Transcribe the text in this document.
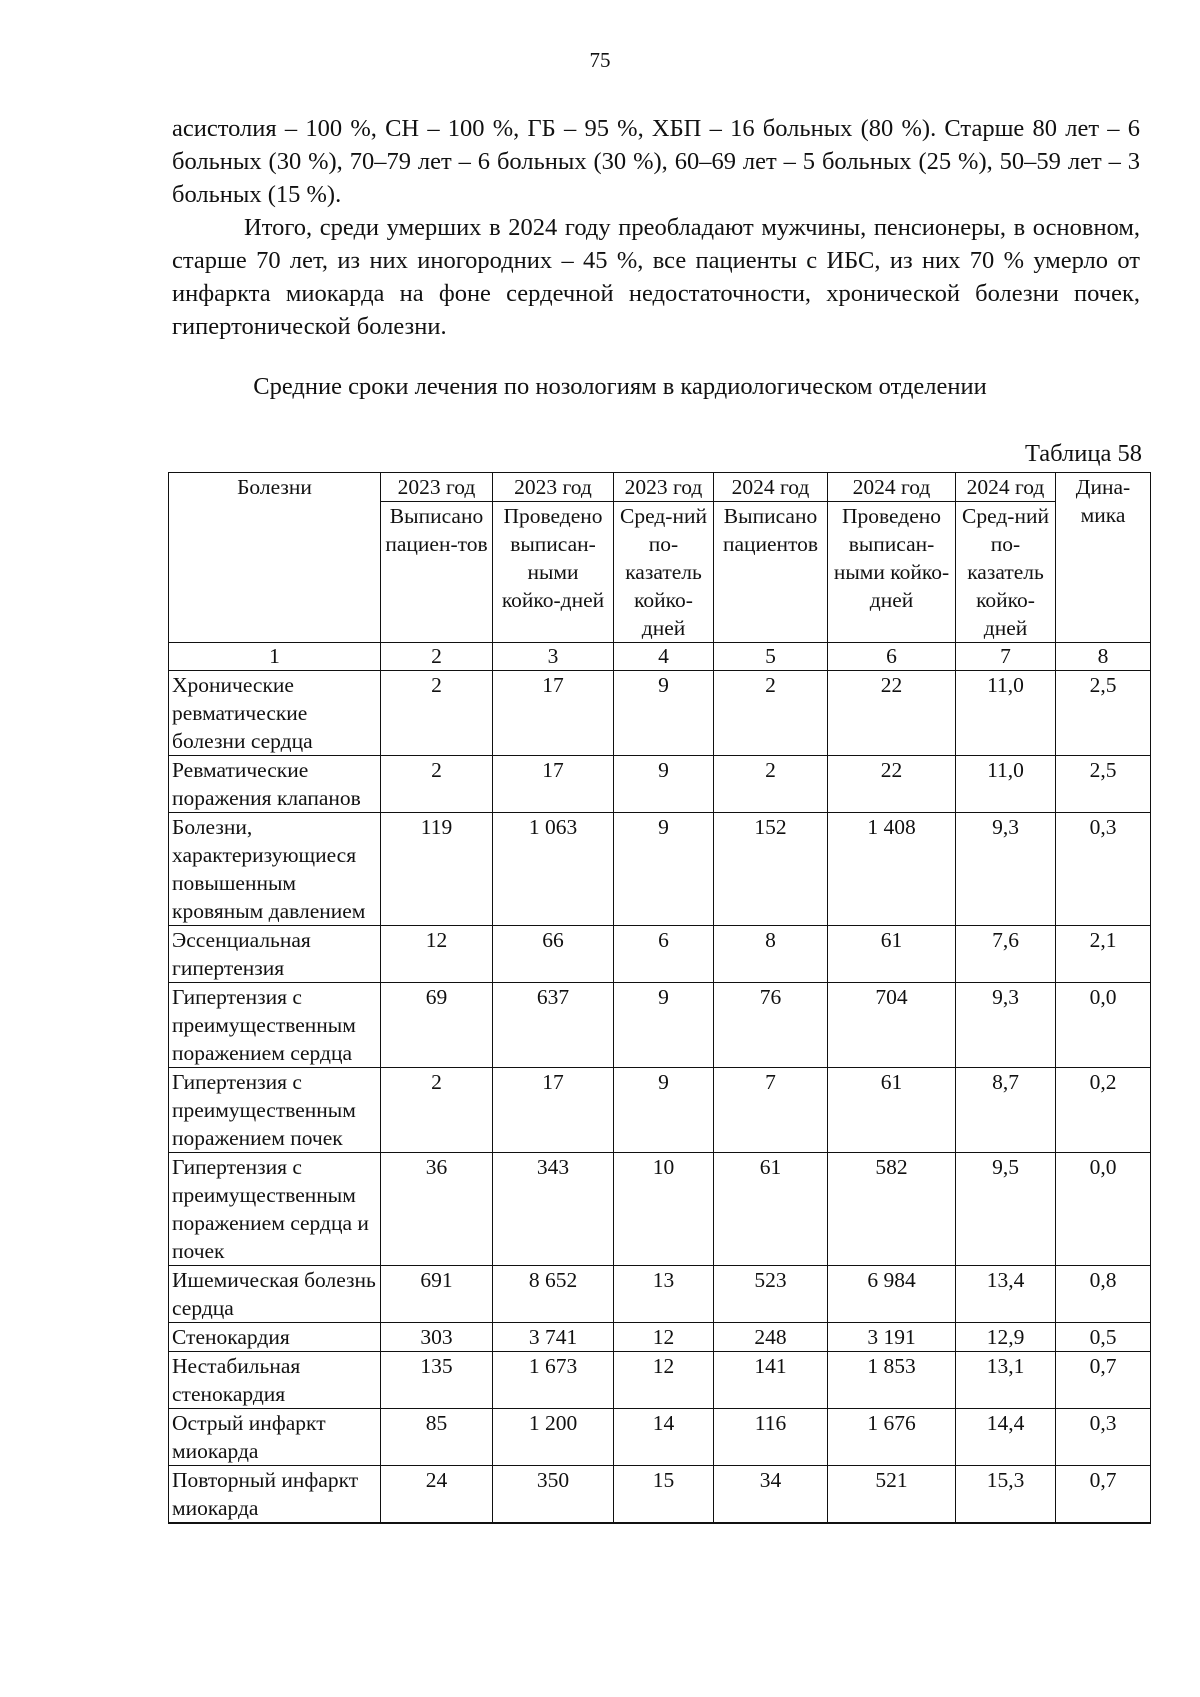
75

асистолия – 100 %, СН – 100 %, ГБ – 95 %, ХБП – 16 больных (80 %). Старше 80 лет – 6 больных (30 %), 70–79 лет – 6 больных (30 %), 60–69 лет – 5 больных (25 %), 50–59 лет – 3 больных (15 %).

Итого, среди умерших в 2024 году преобладают мужчины, пенсионеры, в основном, старше 70 лет, из них иногородних – 45 %, все пациенты с ИБС, из них 70 % умерло от инфаркта миокарда на фоне сердечной недостаточности, хронической болезни почек, гипертонической болезни.

Средние сроки лечения по нозологиям в кардиологическом отделении
Таблица 58
Болезни	2023 год	2023 год	2023 год	2024 год	2024 год	2024 год	Дина-мика
	Выписано пациен-тов	Проведено выписан-ными койко-дней	Сред-ний по-казатель койко-дней	Выписано пациентов	Проведено выписан-ными койко-дней	Сред-ний по-казатель койко-дней	
1	2	3	4	5	6	7	8
Хронические ревматические болезни сердца	2	17	9	2	22	11,0	2,5
Ревматические поражения клапанов	2	17	9	2	22	11,0	2,5
Болезни, характеризующиеся повышенным кровяным давлением	119	1 063	9	152	1 408	9,3	0,3
Эссенциальная гипертензия	12	66	6	8	61	7,6	2,1
Гипертензия с преимущественным поражением сердца	69	637	9	76	704	9,3	0,0
Гипертензия с преимущественным поражением почек	2	17	9	7	61	8,7	0,2
Гипертензия с преимущественным поражением сердца и почек	36	343	10	61	582	9,5	0,0
Ишемическая болезнь сердца	691	8 652	13	523	6 984	13,4	0,8
Стенокардия	303	3 741	12	248	3 191	12,9	0,5
Нестабильная стенокардия	135	1 673	12	141	1 853	13,1	0,7
Острый инфаркт миокарда	85	1 200	14	116	1 676	14,4	0,3
Повторный инфаркт миокарда	24	350	15	34	521	15,3	0,7
